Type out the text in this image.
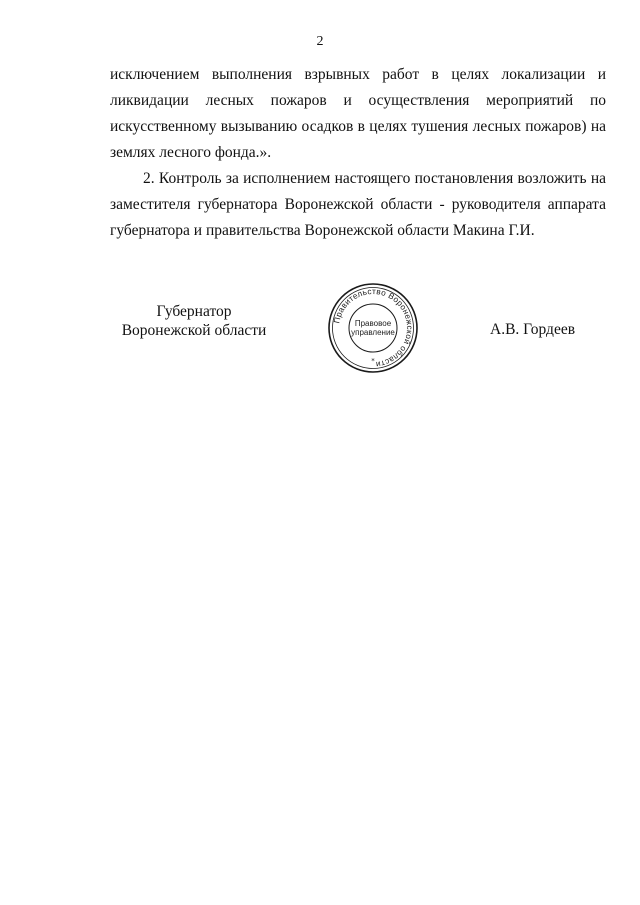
2

исключением выполнения взрывных работ в целях локализации и
ликвидации лесных пожаров и осуществления мероприятий по
искусственному вызыванию осадков в целях тушения лесных пожаров) на
землях лесного фонда.».

2. Контроль за исполнением настоящего постановления возложить на
заместителя губернатора Воронежской области - руководителя аппарата
губернатора и правительства Воронежской области Макина Г.И.

Губернатор
Воронежской области
Правительство Воронежской области
*
Правовое
управление	А.В. Гордеев
